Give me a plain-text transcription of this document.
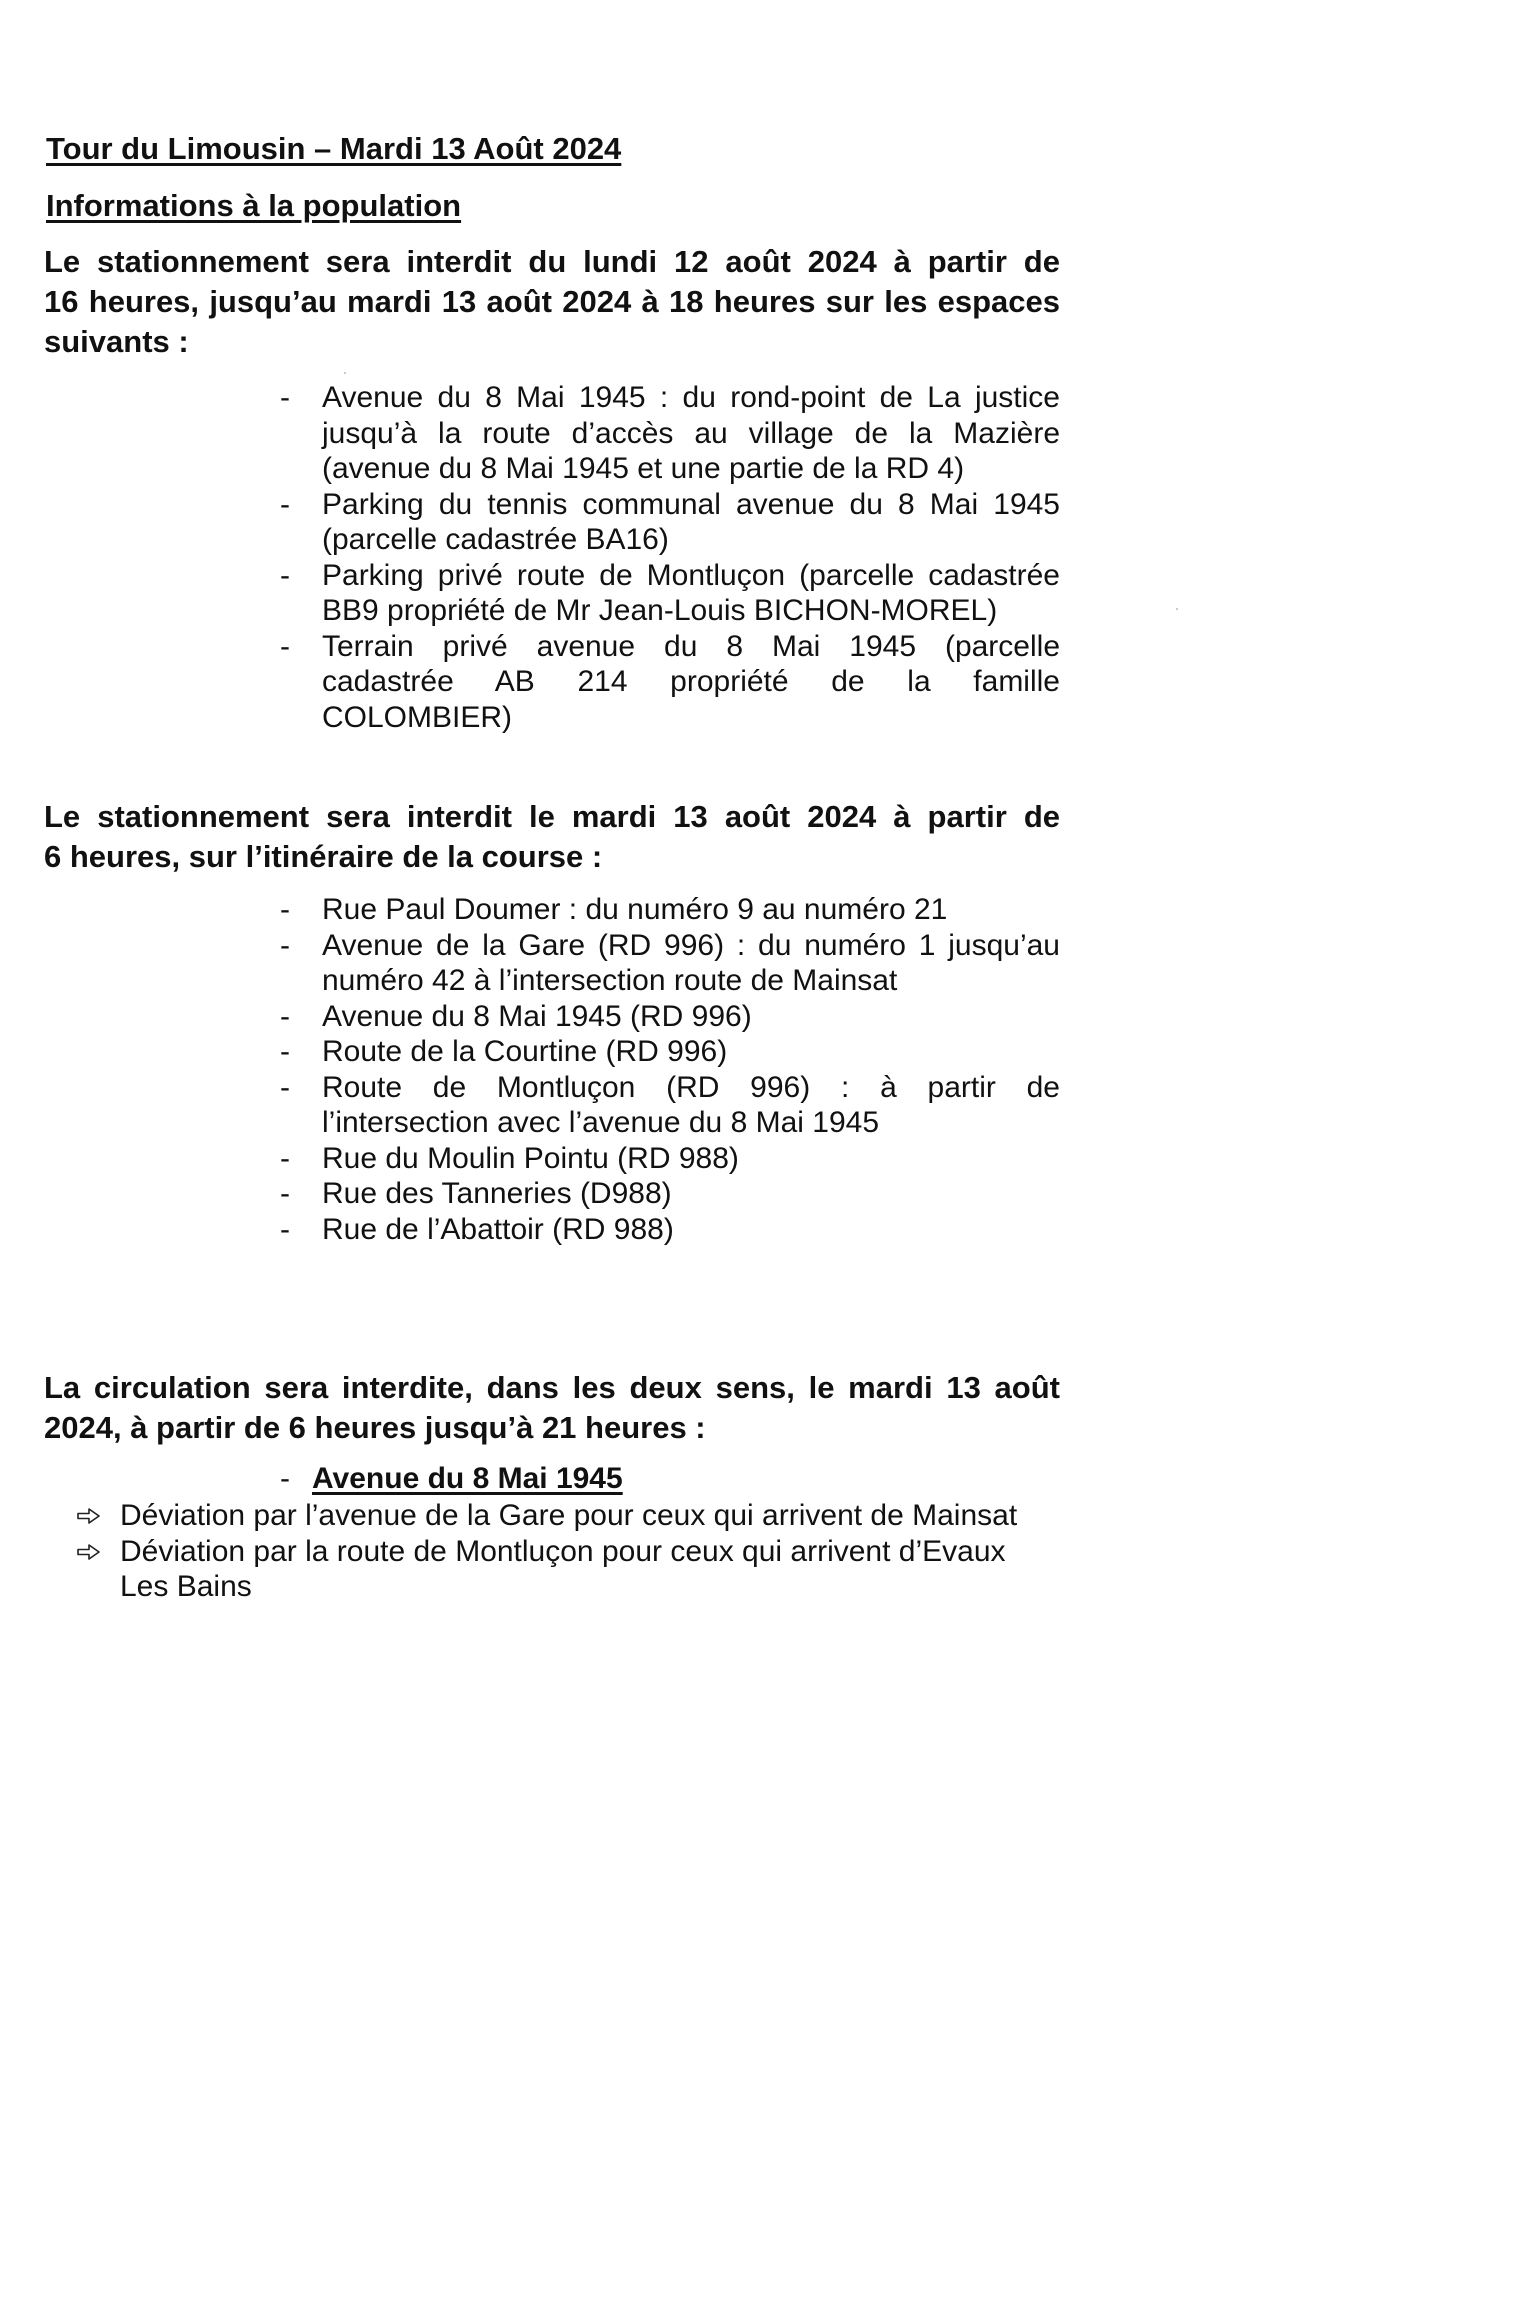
Tour du Limousin – Mardi 13 Août 2024
Informations à la population

Le stationnement sera interdit du lundi 12 août 2024 à partir de
16 heures, jusqu’au mardi 13 août 2024 à 18 heures sur les espaces
suivants :

- Avenue du 8 Mai 1945 : du rond-point de La justice
jusqu’à la route d’accès au village de la Mazière
(avenue du 8 Mai 1945 et une partie de la RD 4)
- Parking du tennis communal avenue du 8 Mai 1945
(parcelle cadastrée BA16)
- Parking privé route de Montluçon (parcelle cadastrée
BB9 propriété de Mr Jean-Louis BICHON-MOREL)
- Terrain privé avenue du 8 Mai 1945 (parcelle
cadastrée AB 214 propriété de la famille
COLOMBIER)

Le stationnement sera interdit le mardi 13 août 2024 à partir de
6 heures, sur l’itinéraire de la course :

- Rue Paul Doumer : du numéro 9 au numéro 21
- Avenue de la Gare (RD 996) : du numéro 1 jusqu’au
numéro 42 à l’intersection route de Mainsat
- Avenue du 8 Mai 1945 (RD 996)
- Route de la Courtine (RD 996)
- Route de Montluçon (RD 996) : à partir de
l’intersection avec l’avenue du 8 Mai 1945
- Rue du Moulin Pointu (RD 988)
- Rue des Tanneries (D988)
- Rue de l’Abattoir (RD 988)

La circulation sera interdite, dans les deux sens, le mardi 13 août
2024, à partir de 6 heures jusqu’à 21 heures :

- Avenue du 8 Mai 1945
Déviation par l’avenue de la Gare pour ceux qui arrivent de Mainsat
Déviation par la route de Montluçon pour ceux qui arrivent d’Evaux
Les Bains
